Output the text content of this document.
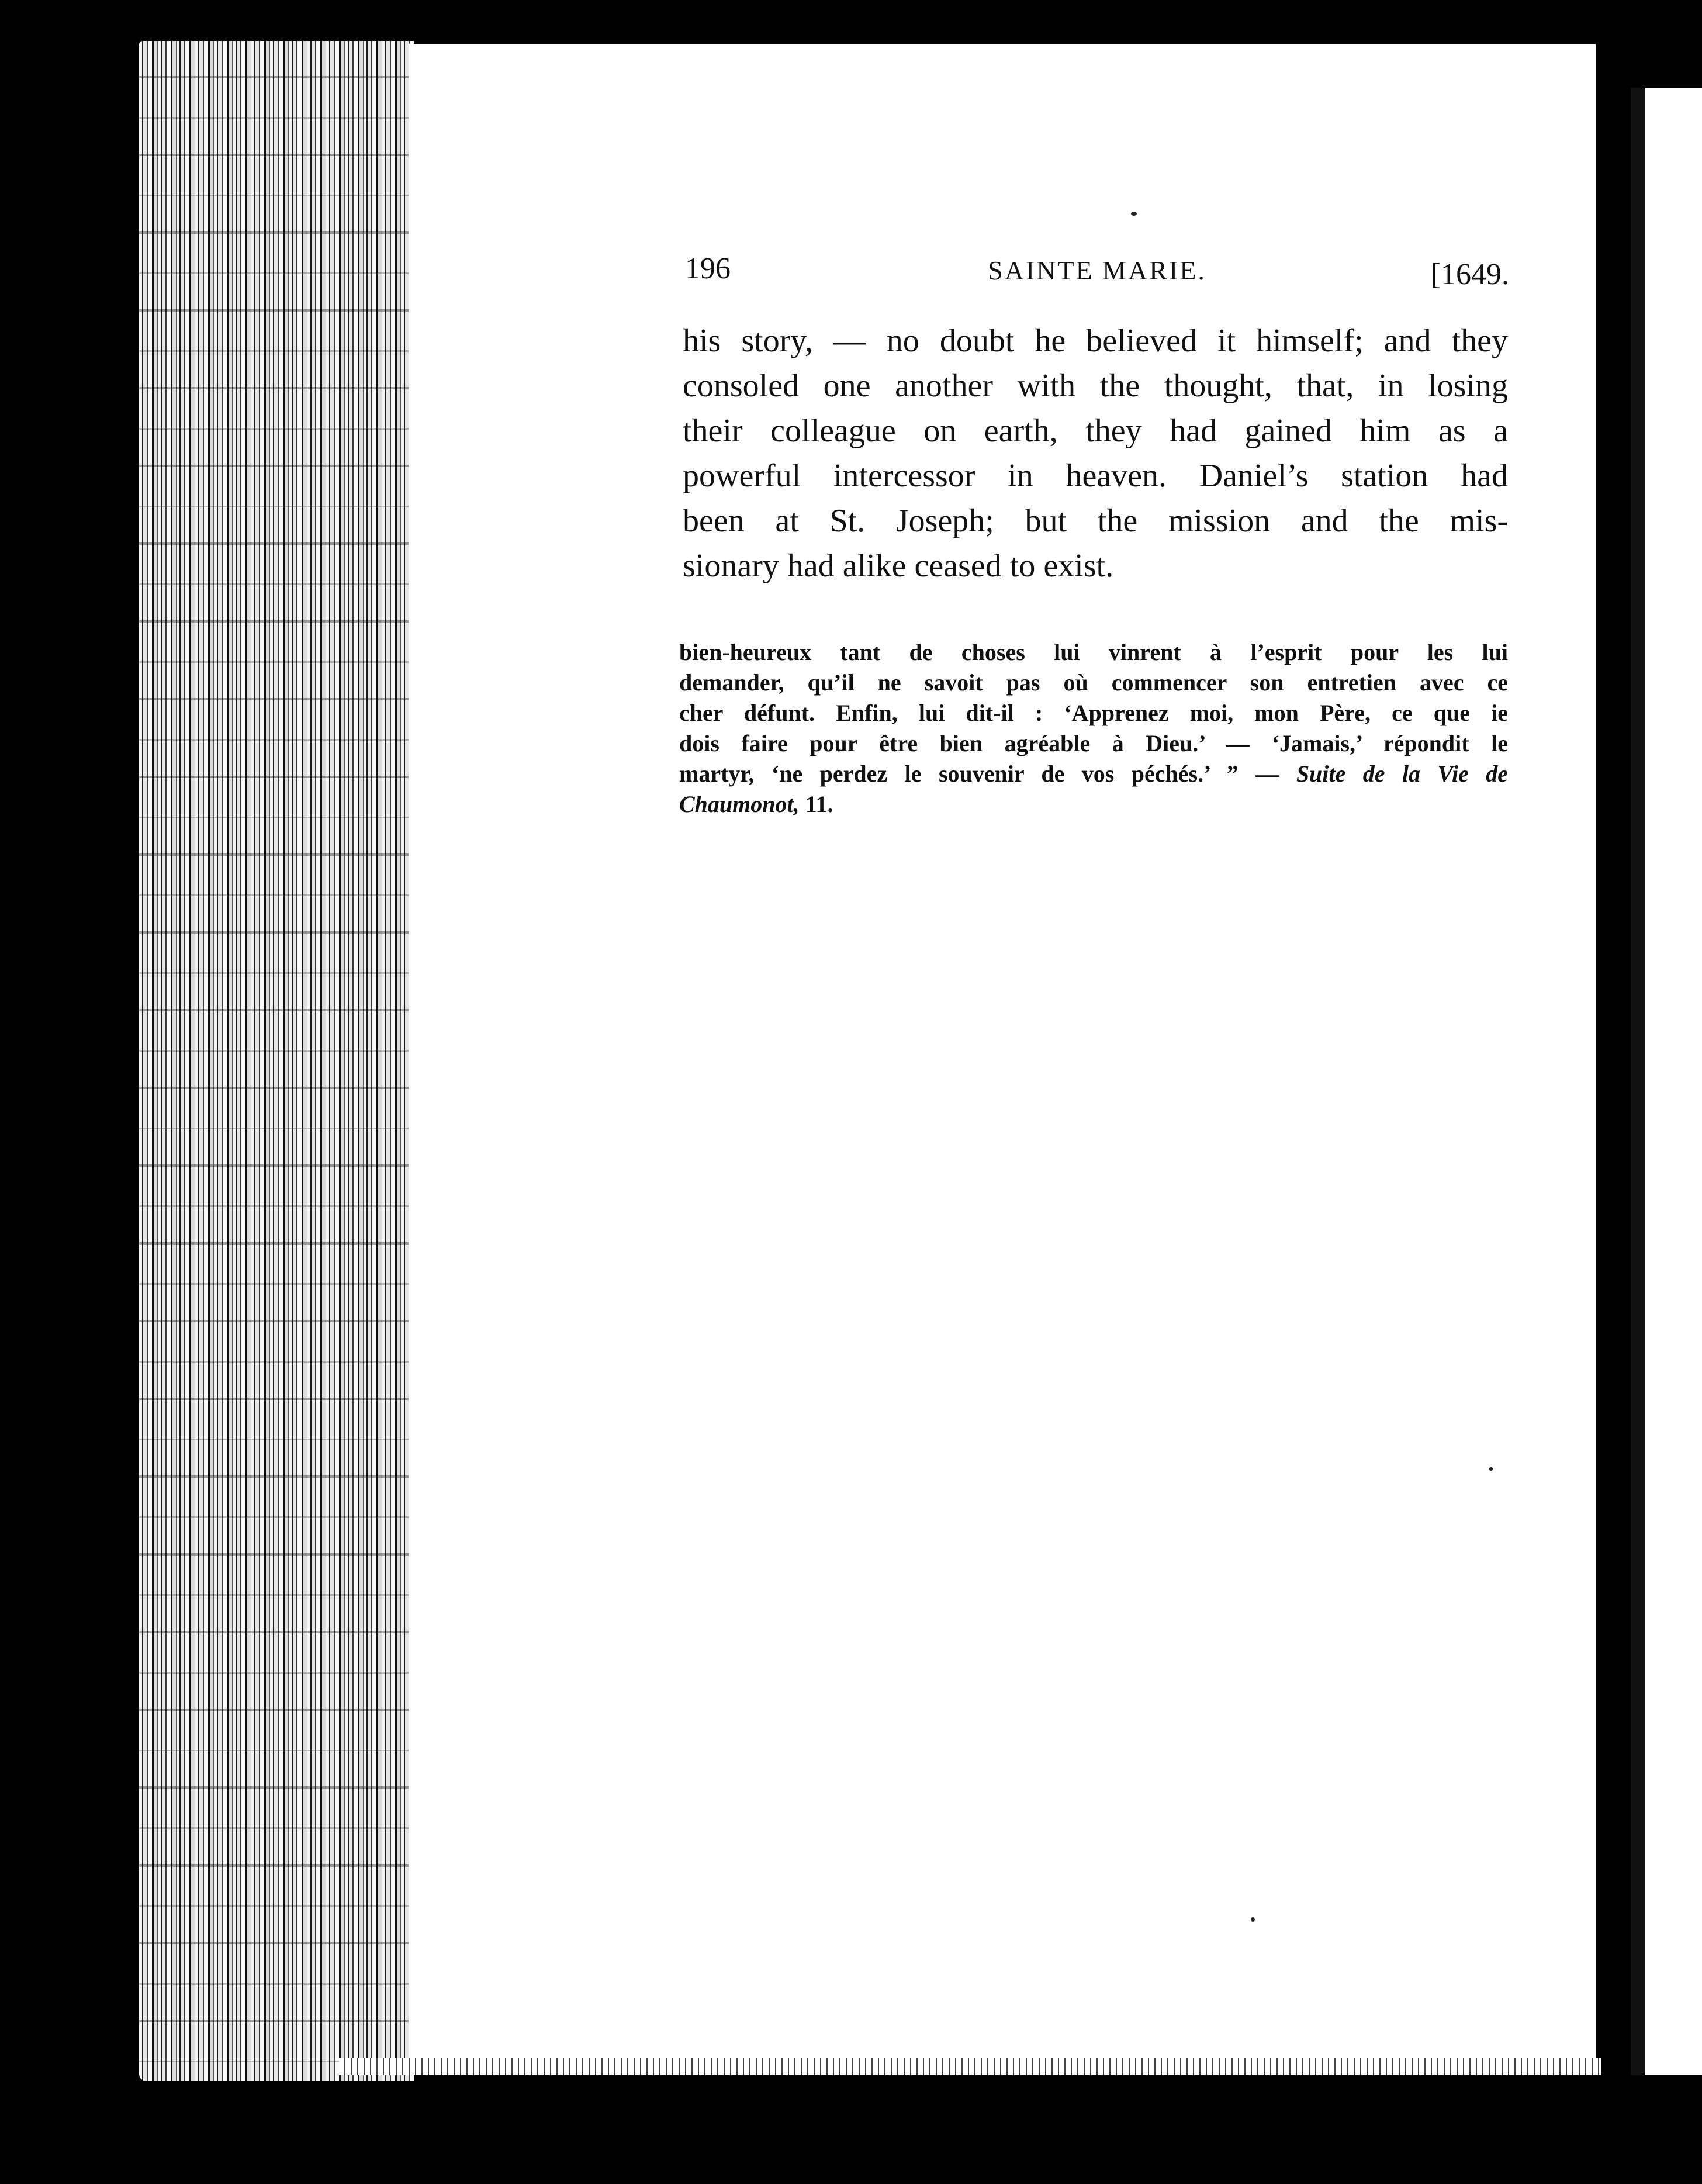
196	SAINTE MARIE.	[1649.
his story, — no doubt he believed it himself; and they
consoled one another with the thought, that, in losing
their colleague on earth, they had gained him as a
powerful intercessor in heaven. Daniel’s station had
been at St. Joseph; but the mission and the mis-
sionary had alike ceased to exist.
bien-heureux tant de choses lui vinrent à l’esprit pour les lui
demander, qu’il ne savoit pas où commencer son entretien avec ce
cher défunt. Enfin, lui dit-il : ‘Apprenez moi, mon Père, ce que ie
dois faire pour être bien agréable à Dieu.’ — ‘Jamais,’ répondit le
martyr, ‘ne perdez le souvenir de vos péchés.’ ” — Suite de la Vie de
Chaumonot, 11.
